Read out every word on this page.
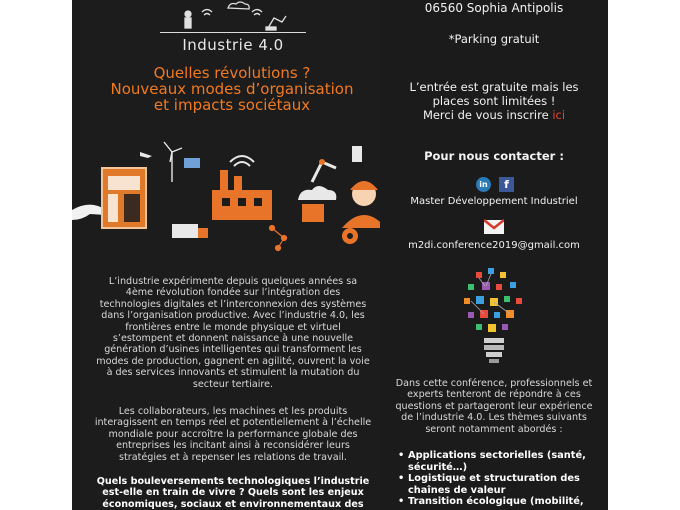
Industrie 4.0
Quelles révolutions ?
Nouveaux modes d’organisation
et impacts sociétaux
L’industrie expérimente depuis quelques années sa 4ème révolution fondée sur l’intégration des technologies digitales et l’interconnexion des systèmes dans l’organisation productive. Avec l’industrie 4.0, les frontières entre le monde physique et virtuel s’estompent et donnent naissance à une nouvelle génération d’usines intelligentes qui transforment les modes de production, gagnent en agilité, ouvrent la voie à des services innovants et stimulent la mutation du secteur tertiaire.
Les collaborateurs, les machines et les produits interagissent en temps réel et potentiellement à l’échelle mondiale pour accroître la performance globale des entreprises les incitant ainsi à reconsidérer leurs stratégies et à repenser les relations de travail.
Quels bouleversements technologiques l’industrie est-elle en train de vivre ? Quels sont les enjeux économiques, sociaux et environnementaux des
06560 Sophia Antipolis
*Parking gratuit
L’entrée est gratuite mais les
places sont limitées !
Merci de vous inscrire ici
Pour nous contacter :
in	f
Master Développement Industriel
m2di.conference2019@gmail.com
Dans cette conférence, professionnels et experts tenteront de répondre à ces questions et partageront leur expérience de l’industrie 4.0. Les thèmes suivants seront notamment abordés :
• Applications sectorielles (santé, sécurité…)
• Logistique et structuration des chaînes de valeur
• Transition écologique (mobilité,
